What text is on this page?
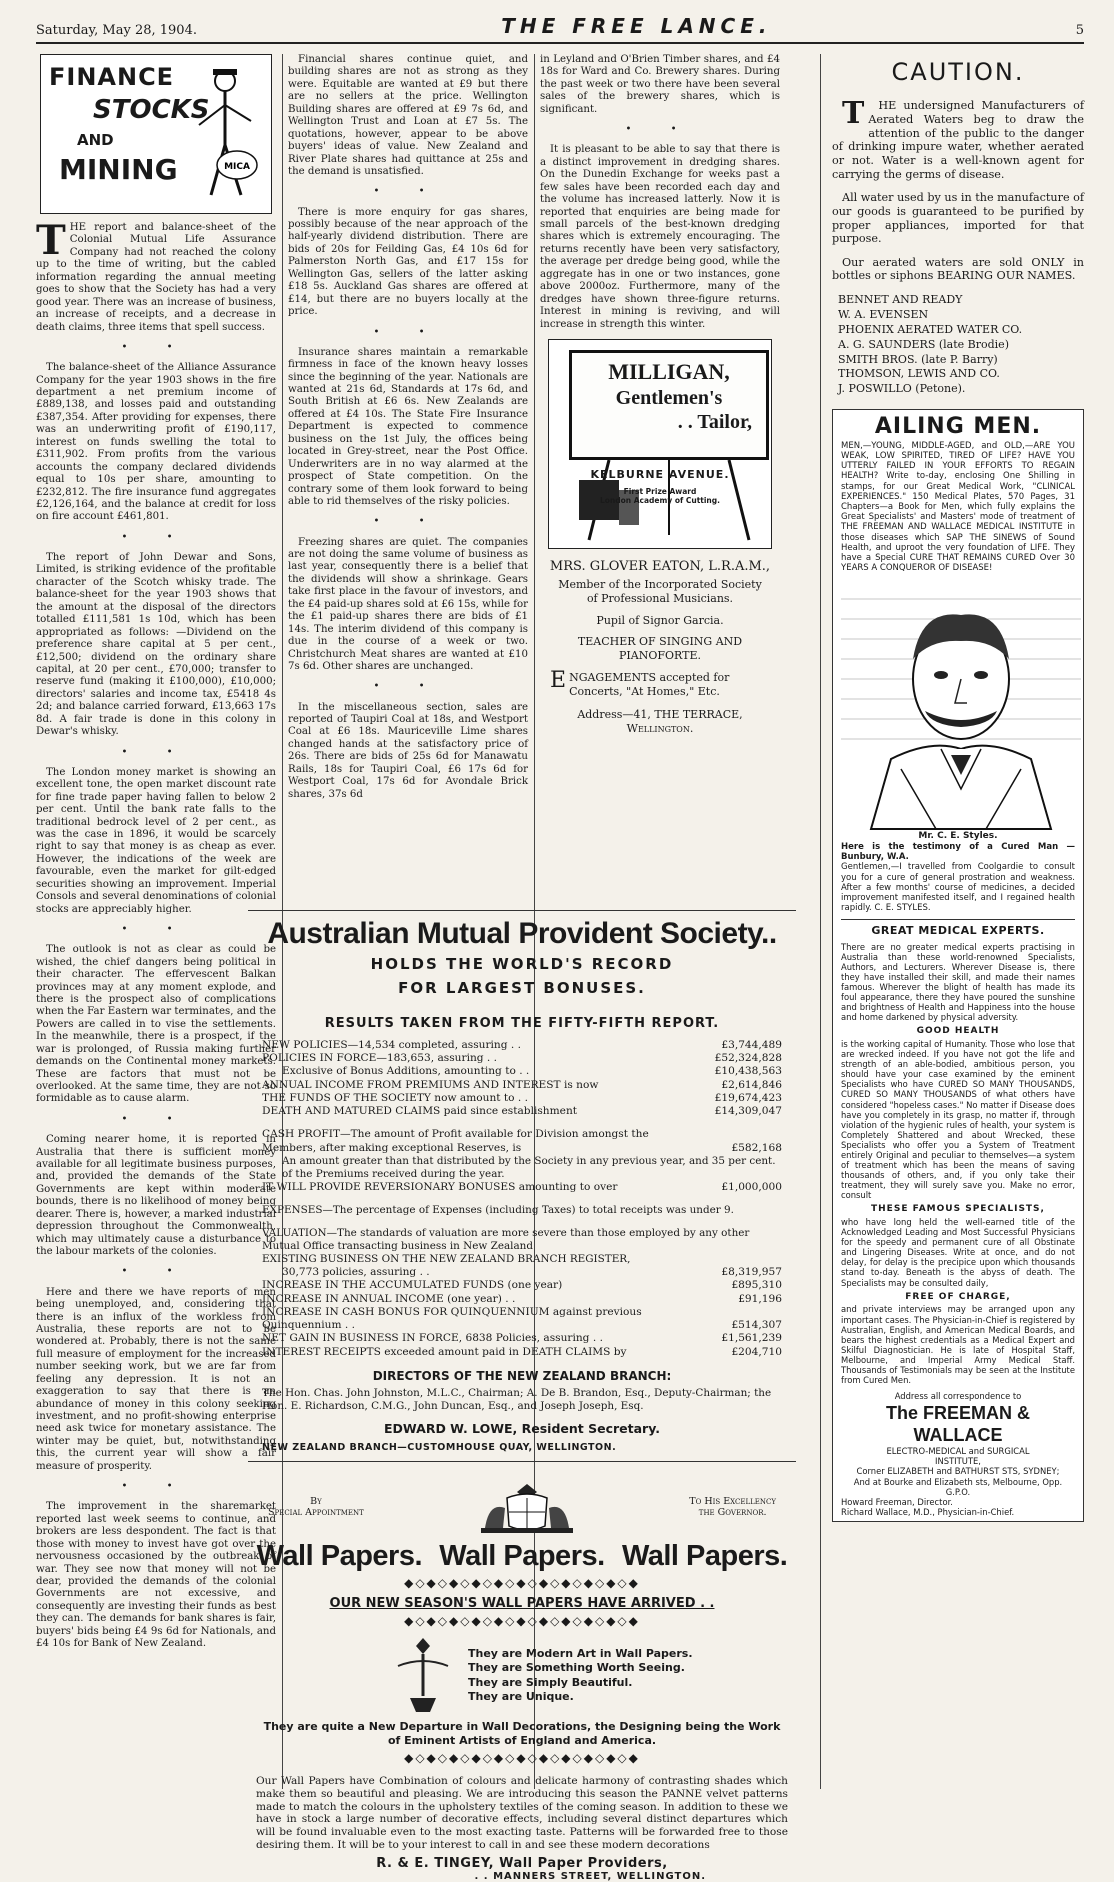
Saturday, May 28, 1904.	THE FREE LANCE.	5
FINANCE
STOCKS
AND
MINING	MICA

THE report and balance-sheet of the Colonial Mutual Life Assurance Company had not reached the colony up to the time of writing, but the cabled information regarding the annual meeting goes to show that the Society has had a very good year. There was an increase of business, an increase of receipts, and a decrease in death claims, three items that spell success.

• •

The balance-sheet of the Alliance Assurance Company for the year 1903 shows in the fire department a net premium income of £889,138, and losses paid and outstanding £387,354. After providing for expenses, there was an underwriting profit of £190,117, interest on funds swelling the total to £311,902. From profits from the various accounts the company declared dividends equal to 10s per share, amounting to £232,812. The fire insurance fund aggregates £2,126,164, and the balance at credit for loss on fire account £461,801.

• •

The report of John Dewar and Sons, Limited, is striking evidence of the profitable character of the Scotch whisky trade. The balance-sheet for the year 1903 shows that the amount at the disposal of the directors totalled £111,581 1s 10d, which has been appropriated as follows: —Dividend on the preference share capital at 5 per cent., £12,500; dividend on the ordinary share capital, at 20 per cent., £70,000; transfer to reserve fund (making it £100,000), £10,000; directors' salaries and income tax, £5418 4s 2d; and balance carried forward, £13,663 17s 8d. A fair trade is done in this colony in Dewar's whisky.

• •

The London money market is showing an excellent tone, the open market discount rate for fine trade paper having fallen to below 2 per cent. Until the bank rate falls to the traditional bedrock level of 2 per cent., as was the case in 1896, it would be scarcely right to say that money is as cheap as ever. However, the indications of the week are favourable, even the market for gilt-edged securities showing an improvement. Imperial Consols and several denominations of colonial stocks are appreciably higher.

• •

The outlook is not as clear as could be wished, the chief dangers being political in their character. The effervescent Balkan provinces may at any moment explode, and there is the prospect also of complications when the Far Eastern war terminates, and the Powers are called in to vise the settlements. In the meanwhile, there is a prospect, if the war is prolonged, of Russia making further demands on the Continental money markets. These are factors that must not be overlooked. At the same time, they are not so formidable as to cause alarm.

• •

Coming nearer home, it is reported in Australia that there is sufficient money available for all legitimate business purposes, and, provided the demands of the State Governments are kept within moderate bounds, there is no likelihood of money being dearer. There is, however, a marked industrial depression throughout the Commonwealth, which may ultimately cause a disturbance to the labour markets of the colonies.

• •

Here and there we have reports of men being unemployed, and, considering that there is an influx of the workless from Australia, these reports are not to be wondered at. Probably, there is not the same full measure of employment for the increased number seeking work, but we are far from feeling any depression. It is not an exaggeration to say that there is an abundance of money in this colony seeking investment, and no profit-showing enterprise need ask twice for monetary assistance. The winter may be quiet, but, notwithstanding this, the current year will show a fair measure of prosperity.

• •

The improvement in the sharemarket reported last week seems to continue, and brokers are less despondent. The fact is that those with money to invest have got over the nervousness occasioned by the outbreak of war. They see now that money will not be dear, provided the demands of the colonial Governments are not excessive, and consequently are investing their funds as best they can. The demands for bank shares is fair, buyers' bids being £4 9s 6d for Nationals, and £4 10s for Bank of New Zealand.

Financial shares continue quiet, and building shares are not as strong as they were. Equitable are wanted at £9 but there are no sellers at the price. Wellington Building shares are offered at £9 7s 6d, and Wellington Trust and Loan at £7 5s. The quotations, however, appear to be above buyers' ideas of value. New Zealand and River Plate shares had quittance at 25s and the demand is unsatisfied.

• •

There is more enquiry for gas shares, possibly because of the near approach of the half-yearly dividend distribution. There are bids of 20s for Feilding Gas, £4 10s 6d for Palmerston North Gas, and £17 15s for Wellington Gas, sellers of the latter asking £18 5s. Auckland Gas shares are offered at £14, but there are no buyers locally at the price.

• •

Insurance shares maintain a remarkable firmness in face of the known heavy losses since the beginning of the year. Nationals are wanted at 21s 6d, Standards at 17s 6d, and South British at £6 6s. New Zealands are offered at £4 10s. The State Fire Insurance Department is expected to commence business on the 1st July, the offices being located in Grey-street, near the Post Office. Underwriters are in no way alarmed at the prospect of State competition. On the contrary some of them look forward to being able to rid themselves of the risky policies.

• •

Freezing shares are quiet. The companies are not doing the same volume of business as last year, consequently there is a belief that the dividends will show a shrinkage. Gears take first place in the favour of investors, and the £4 paid-up shares sold at £6 15s, while for the £1 paid-up shares there are bids of £1 14s. The interim dividend of this company is due in the course of a week or two. Christchurch Meat shares are wanted at £10 7s 6d. Other shares are unchanged.

• •

In the miscellaneous section, sales are reported of Taupiri Coal at 18s, and Westport Coal at £6 18s. Mauriceville Lime shares changed hands at the satisfactory price of 26s. There are bids of 25s 6d for Manawatu Rails, 18s for Taupiri Coal, £6 17s 6d for Westport Coal, 17s 6d for Avondale Brick shares, 37s 6d

in Leyland and O'Brien Timber shares, and £4 18s for Ward and Co. Brewery shares. During the past week or two there have been several sales of the brewery shares, which is significant.

• •

It is pleasant to be able to say that there is a distinct improvement in dredging shares. On the Dunedin Exchange for weeks past a few sales have been recorded each day and the volume has increased latterly. Now it is reported that enquiries are being made for small parcels of the best-known dredging shares which is extremely encouraging. The returns recently have been very satisfactory, the average per dredge being good, while the aggregate has in one or two instances, gone above 2000oz. Furthermore, many of the dredges have shown three-figure returns. Interest in mining is reviving, and will increase in strength this winter.

MILLIGAN,
Gentlemen's
. . Tailor,
KELBURNE AVENUE.
First Prize Award
London Academy of Cutting.
MRS. GLOVER EATON, L.R.A.M.,
Member of the Incorporated Society
of Professional Musicians.
Pupil of Signor Garcia.
TEACHER OF SINGING AND
PIANOFORTE.
ENGAGEMENTS accepted for Concerts, "At Homes," Etc.
Address—41, THE TERRACE,
Wellington.
CAUTION.

T HE undersigned Manufacturers of Aerated Waters beg to draw the attention of the public to the danger of drinking impure water, whether aerated or not. Water is a well-known agent for carrying the germs of disease.

All water used by us in the manufacture of our goods is guaranteed to be purified by proper appliances, imported for that purpose.

Our aerated waters are sold ONLY in bottles or siphons BEARING OUR NAMES.

BENNET AND READY
W. A. EVENSEN
PHOENIX AERATED WATER CO.
A. G. SAUNDERS (late Brodie)
SMITH BROS. (late P. Barry)
THOMSON, LEWIS AND CO.
J. POSWILLO (Petone).
AILING MEN.
MEN,—YOUNG, MIDDLE-AGED, and OLD,—ARE YOU WEAK, LOW SPIRITED, TIRED OF LIFE? HAVE YOU UTTERLY FAILED IN YOUR EFFORTS TO REGAIN HEALTH? Write to-day, enclosing One Shilling in stamps, for our Great Medical Work, "CLINICAL EXPERIENCES." 150 Medical Plates, 570 Pages, 31 Chapters—a Book for Men, which fully explains the Great Specialists' and Masters' mode of treatment of THE FREEMAN AND WALLACE MEDICAL INSTITUTE in those diseases which SAP THE SINEWS of Sound Health, and uproot the very foundation of LIFE. They have a Special CURE THAT REMAINS CURED Over 30 YEARS A CONQUEROR OF DISEASE!
Mr. C. E. Styles.
Here is the testimony of a Cured Man — Bunbury, W.A.
Gentlemen,—I travelled from Coolgardie to consult you for a cure of general prostration and weakness. After a few months' course of medicines, a decided improvement manifested itself, and I regained health rapidly. C. E. STYLES.
GREAT MEDICAL EXPERTS.
There are no greater medical experts practising in Australia than these world-renowned Specialists, Authors, and Lecturers. Wherever Disease is, there they have installed their skill, and made their names famous. Wherever the blight of health has made its foul appearance, there they have poured the sunshine and brightness of Health and Happiness into the house and home darkened by physical adversity.
GOOD HEALTH
is the working capital of Humanity. Those who lose that are wrecked indeed. If you have not got the life and strength of an able-bodied, ambitious person, you should have your case examined by the eminent Specialists who have CURED SO MANY THOUSANDS, CURED SO MANY THOUSANDS of what others have considered "hopeless cases." No matter if Disease does have you completely in its grasp, no matter if, through violation of the hygienic rules of health, your system is Completely Shattered and about Wrecked, these Specialists who offer you a System of Treatment entirely Original and peculiar to themselves—a system of treatment which has been the means of saving thousands of others, and, if you only take their treatment, they will surely save you. Make no error, consult
THESE FAMOUS SPECIALISTS,
who have long held the well-earned title of the Acknowledged Leading and Most Successful Physicians for the speedy and permanent cure of all Obstinate and Lingering Diseases. Write at once, and do not delay, for delay is the precipice upon which thousands stand to-day. Beneath is the abyss of death. The Specialists may be consulted daily,
FREE OF CHARGE,
and private interviews may be arranged upon any important cases. The Physician-in-Chief is registered by Australian, English, and American Medical Boards, and bears the highest credentials as a Medical Expert and Skilful Diagnostician. He is late of Hospital Staff, Melbourne, and Imperial Army Medical Staff. Thousands of Testimonials may be seen at the Institute from Cured Men.
Address all correspondence to
The FREEMAN & WALLACE
ELECTRO-MEDICAL and SURGICAL
INSTITUTE,
Corner ELIZABETH and BATHURST STS, SYDNEY;
And at Bourke and Elizabeth sts, Melbourne, Opp. G.P.O.
Howard Freeman, Director.
Richard Wallace, M.D., Physician-in-Chief.
Australian Mutual Provident Society..
HOLDS THE WORLD'S RECORD
FOR LARGEST BONUSES.
RESULTS TAKEN FROM THE FIFTY-FIFTH REPORT.
NEW POLICIES—14,534 completed, assuring . .	£3,744,489
POLICIES IN FORCE—183,653, assuring . .	£52,324,828
Exclusive of Bonus Additions, amounting to . .	£10,438,563
ANNUAL INCOME FROM PREMIUMS AND INTEREST is now	£2,614,846
THE FUNDS OF THE SOCIETY now amount to . .	£19,674,423
DEATH AND MATURED CLAIMS paid since establishment	£14,309,047
CASH PROFIT—The amount of Profit available for Division amongst the Members, after making exceptional Reserves, is	£582,168
An amount greater than that distributed by the Society in any previous year, and 35 per cent. of the Premiums received during the year.
IT WILL PROVIDE REVERSIONARY BONUSES amounting to over	£1,000,000
EXPENSES—The percentage of Expenses (including Taxes) to total receipts was under 9.
VALUATION—The standards of valuation are more severe than those employed by any other Mutual Office transacting business in New Zealand
EXISTING BUSINESS ON THE NEW ZEALAND BRANCH REGISTER,
30,773 policies, assuring . .	£8,319,957
INCREASE IN THE ACCUMULATED FUNDS (one year)	£895,310
INCREASE IN ANNUAL INCOME (one year) . .	£91,196
INCREASE IN CASH BONUS FOR QUINQUENNIUM against previous Quinquennium . .	£514,307
NET GAIN IN BUSINESS IN FORCE, 6838 Policies, assuring . .	£1,561,239
INTEREST RECEIPTS exceeded amount paid in DEATH CLAIMS by	£204,710
DIRECTORS OF THE NEW ZEALAND BRANCH:
The Hon. Chas. John Johnston, M.L.C., Chairman; A. De B. Brandon, Esq., Deputy-Chairman; the Hon. E. Richardson, C.M.G., John Duncan, Esq., and Joseph Joseph, Esq.
EDWARD W. LOWE, Resident Secretary.
NEW ZEALAND BRANCH—CUSTOMHOUSE QUAY, WELLINGTON.
By
Special Appointment
To His Excellency
the Governor.
Wall Papers. Wall Papers. Wall Papers.
◆◇◆◇◆◇◆◇◆◇◆◇◆◇◆◇◆◇◆◇◆
OUR NEW SEASON'S WALL PAPERS HAVE ARRIVED . .
◆◇◆◇◆◇◆◇◆◇◆◇◆◇◆◇◆◇◆◇◆
They are Modern Art in Wall Papers.
They are Something Worth Seeing.
They are Simply Beautiful.
They are Unique.
They are quite a New Departure in Wall Decorations, the Designing being the Work
of Eminent Artists of England and America.
◆◇◆◇◆◇◆◇◆◇◆◇◆◇◆◇◆◇◆◇◆
Our Wall Papers have Combination of colours and delicate harmony of contrasting shades which make them so beautiful and pleasing. We are introducing this season the PANNE velvet patterns made to match the colours in the upholstery textiles of the coming season. In addition to these we have in stock a large number of decorative effects, including several distinct departures which will be found invaluable even to the most exacting taste. Patterns will be forwarded free to those desiring them. It will be to your interest to call in and see these modern decorations
R. & E. TINGEY, Wall Paper Providers,
. . MANNERS STREET, WELLINGTON.
